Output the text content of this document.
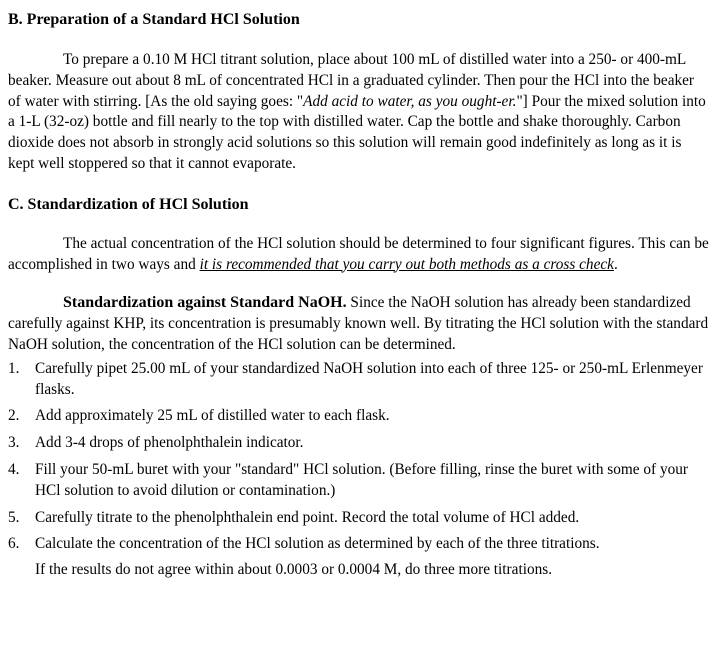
B. Preparation of a Standard HCl Solution

To prepare a 0.10 M HCl titrant solution, place about 100 mL of distilled water into a 250- or 400-mL beaker. Measure out about 8 mL of concentrated HCl in a graduated cylinder. Then pour the HCl into the beaker of water with stirring. [As the old saying goes: "Add acid to water, as you ought-er."] Pour the mixed solution into a 1-L (32-oz) bottle and fill nearly to the top with distilled water. Cap the bottle and shake thoroughly. Carbon dioxide does not absorb in strongly acid solutions so this solution will remain good indefinitely as long as it is kept well stoppered so that it cannot evaporate.

C. Standardization of HCl Solution

The actual concentration of the HCl solution should be determined to four significant figures. This can be accomplished in two ways and it is recommended that you carry out both methods as a cross check.

Standardization against Standard NaOH. Since the NaOH solution has already been standardized carefully against KHP, its concentration is presumably known well. By titrating the HCl solution with the standard NaOH solution, the concentration of the HCl solution can be determined.

1. Carefully pipet 25.00 mL of your standardized NaOH solution into each of three 125- or 250-mL Erlenmeyer flasks.
2. Add approximately 25 mL of distilled water to each flask.
3. Add 3-4 drops of phenolphthalein indicator.
4. Fill your 50-mL buret with your "standard" HCl solution. (Before filling, rinse the buret with some of your HCl solution to avoid dilution or contamination.)
5. Carefully titrate to the phenolphthalein end point. Record the total volume of HCl added.
6. Calculate the concentration of the HCl solution as determined by each of the three titrations.

If the results do not agree within about 0.0003 or 0.0004 M, do three more titrations.
